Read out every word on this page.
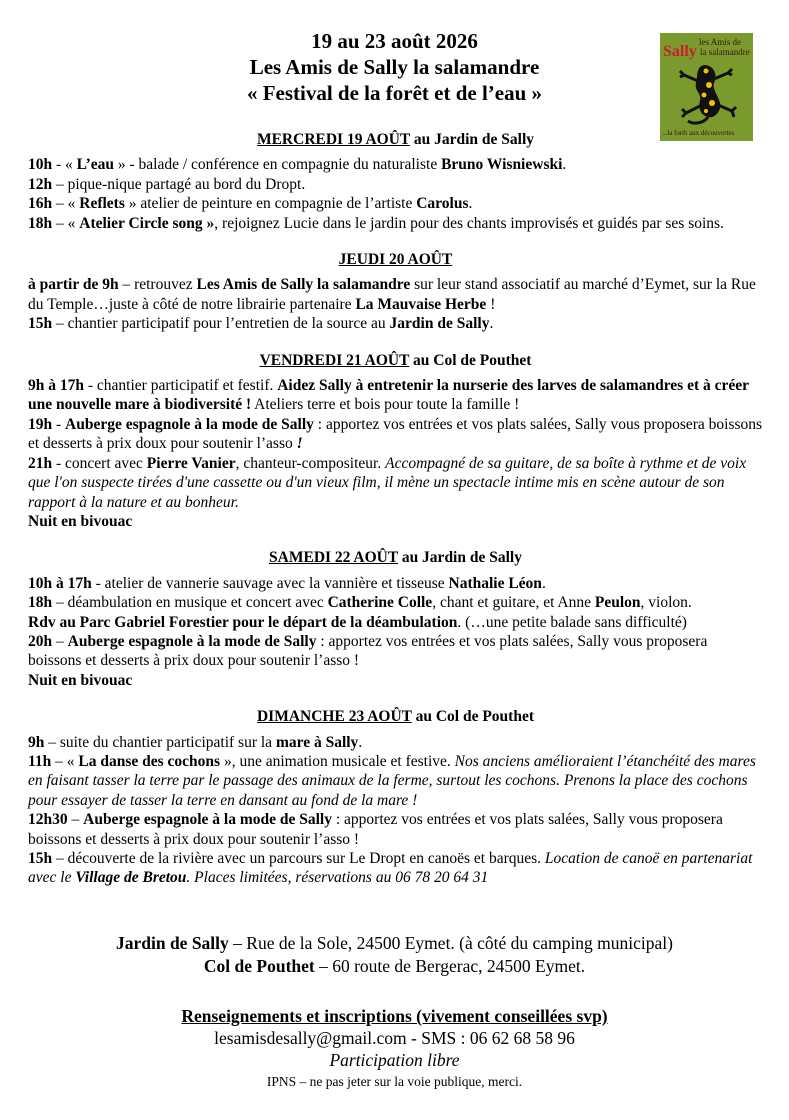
19 au 23 août 2026
Les Amis de Sally la salamandre
« Festival de la forêt et de l’eau »
les Amis de
Sally la salamandre
...la forêt aux découvertes
MERCREDI 19 AOÛT au Jardin de Sally

10h - « L’eau » - balade / conférence en compagnie du naturaliste Bruno Wisniewski.

12h – pique-nique partagé au bord du Dropt.

16h – « Reflets » atelier de peinture en compagnie de l’artiste Carolus.

18h – « Atelier Circle song », rejoignez Lucie dans le jardin pour des chants improvisés et guidés par ses soins.

JEUDI 20 AOÛT

à partir de 9h – retrouvez Les Amis de Sally la salamandre sur leur stand associatif au marché d’Eymet, sur la Rue du Temple…juste à côté de notre librairie partenaire La Mauvaise Herbe !

15h – chantier participatif pour l’entretien de la source au Jardin de Sally.

VENDREDI 21 AOÛT au Col de Pouthet

9h à 17h - chantier participatif et festif. Aidez Sally à entretenir la nurserie des larves de salamandres et à créer une nouvelle mare à biodiversité ! Ateliers terre et bois pour toute la famille !

19h - Auberge espagnole à la mode de Sally : apportez vos entrées et vos plats salées, Sally vous proposera boissons et desserts à prix doux pour soutenir l’asso !

21h - concert avec Pierre Vanier, chanteur-compositeur. Accompagné de sa guitare, de sa boîte à rythme et de voix que l'on suspecte tirées d'une cassette ou d'un vieux film, il mène un spectacle intime mis en scène autour de son rapport à la nature et au bonheur.

Nuit en bivouac

SAMEDI 22 AOÛT au Jardin de Sally

10h à 17h - atelier de vannerie sauvage avec la vannière et tisseuse Nathalie Léon.

18h – déambulation en musique et concert avec Catherine Colle, chant et guitare, et Anne Peulon, violon.

Rdv au Parc Gabriel Forestier pour le départ de la déambulation. (…une petite balade sans difficulté)

20h – Auberge espagnole à la mode de Sally : apportez vos entrées et vos plats salées, Sally vous proposera boissons et desserts à prix doux pour soutenir l’asso !

Nuit en bivouac

DIMANCHE 23 AOÛT au Col de Pouthet

9h – suite du chantier participatif sur la mare à Sally.

11h – « La danse des cochons », une animation musicale et festive. Nos anciens amélioraient l’étanchéité des mares en faisant tasser la terre par le passage des animaux de la ferme, surtout les cochons. Prenons la place des cochons pour essayer de tasser la terre en dansant au fond de la mare !

12h30 – Auberge espagnole à la mode de Sally : apportez vos entrées et vos plats salées, Sally vous proposera boissons et desserts à prix doux pour soutenir l’asso !

15h – découverte de la rivière avec un parcours sur Le Dropt en canoës et barques. Location de canoë en partenariat avec le Village de Bretou. Places limitées, réservations au 06 78 20 64 31

Jardin de Sally – Rue de la Sole, 24500 Eymet. (à côté du camping municipal)
Col de Pouthet – 60 route de Bergerac, 24500 Eymet.
Renseignements et inscriptions (vivement conseillées svp)
lesamisdesally@gmail.com - SMS : 06 62 68 58 96
Participation libre
IPNS – ne pas jeter sur la voie publique, merci.
